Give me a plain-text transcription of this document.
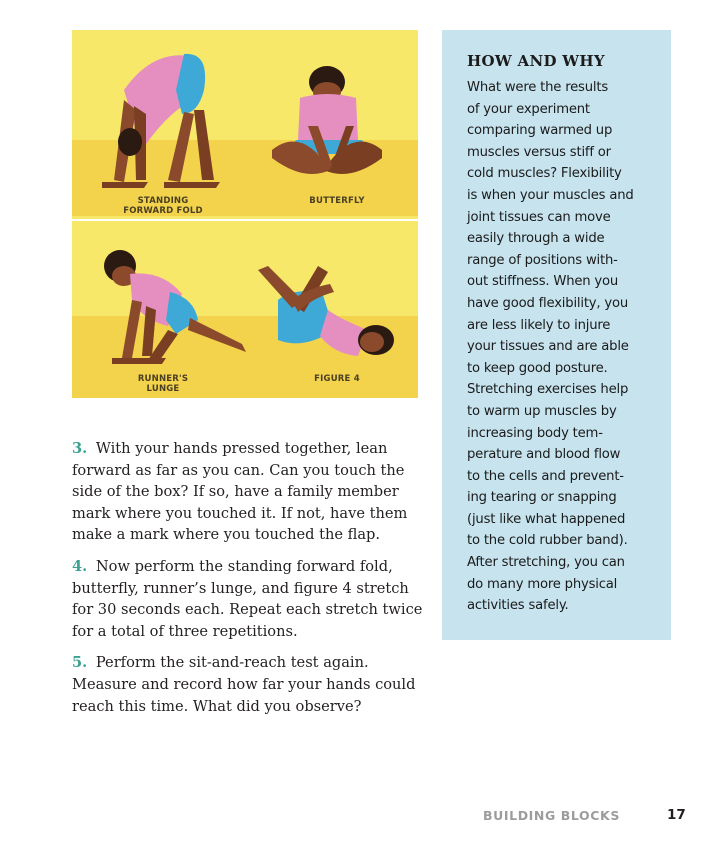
STANDING
FORWARD FOLD
BUTTERFLY
RUNNER'S
LUNGE
FIGURE 4

3. With your hands pressed together, lean forward as far as you can. Can you touch the side of the box? If so, have a family member mark where you touched it. If not, have them make a mark where you touched the flap.

4. Now perform the standing forward fold, butterfly, runner’s lunge, and figure 4 stretch for 30 seconds each. Repeat each stretch twice for a total of three repetitions.

5. Perform the sit-and-reach test again. Measure and record how far your hands could reach this time. What did you observe?

HOW AND WHY
What were the results
of your experiment
comparing warmed up
muscles versus stiff or
cold muscles? Flexibility
is when your muscles and
joint tissues can move
easily through a wide
range of positions with-
out stiffness. When you
have good flexibility, you
are less likely to injure
your tissues and are able
to keep good posture.
Stretching exercises help
to warm up muscles by
increasing body tem-
perature and blood flow
to the cells and prevent-
ing tearing or snapping
(just like what happened
to the cold rubber band).
After stretching, you can
do many more physical
activities safely.
BUILDING BLOCKS	17
